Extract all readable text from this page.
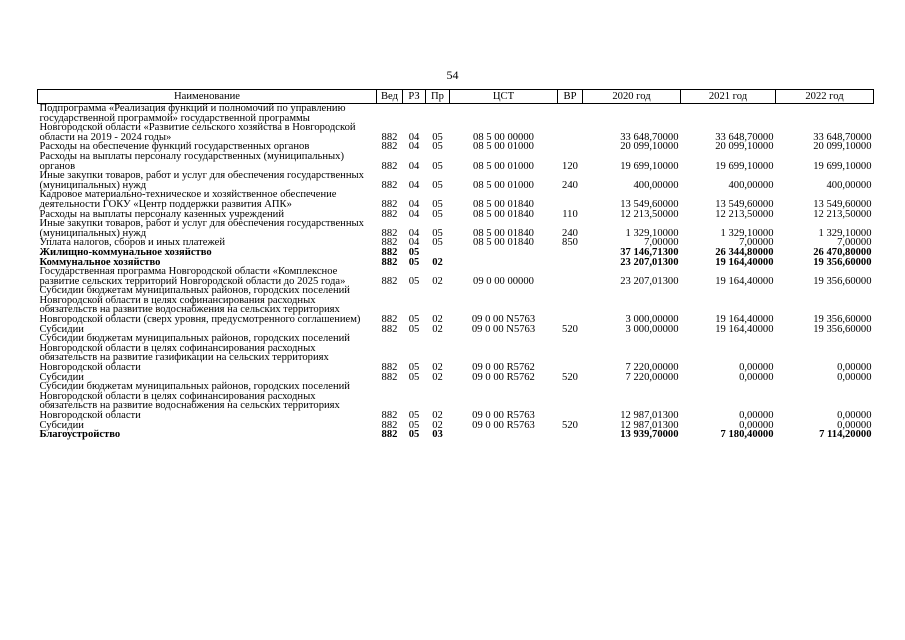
54
Наименование	Вед	РЗ	Пр	ЦСТ	ВР	2020 год	2021 год	2022 год
Подпрограмма «Реализация функций и полномочий по управлению государственной программой» государственной программы Новгородской области «Развитие сельского хозяйства в Новгородской области на 2019 - 2024 годы»	882	04	05	08 5 00 00000		33 648,70000	33 648,70000	33 648,70000
Расходы на обеспечение функций государственных органов	882	04	05	08 5 00 01000		20 099,10000	20 099,10000	20 099,10000
Расходы на выплаты персоналу государственных (муниципальных) органов	882	04	05	08 5 00 01000	120	19 699,10000	19 699,10000	19 699,10000
Иные закупки товаров, работ и услуг для обеспечения государственных (муниципальных) нужд	882	04	05	08 5 00 01000	240	400,00000	400,00000	400,00000
Кадровое материально-техническое и хозяйственное обеспечение деятельности ГОКУ «Центр поддержки развития АПК»	882	04	05	08 5 00 01840		13 549,60000	13 549,60000	13 549,60000
Расходы на выплаты персоналу казенных учреждений	882	04	05	08 5 00 01840	110	12 213,50000	12 213,50000	12 213,50000
Иные закупки товаров, работ и услуг для обеспечения государственных (муниципальных) нужд	882	04	05	08 5 00 01840	240	1 329,10000	1 329,10000	1 329,10000
Уплата налогов, сборов и иных платежей	882	04	05	08 5 00 01840	850	7,00000	7,00000	7,00000
Жилищно-коммунальное хозяйство	882	05				37 146,71300	26 344,80000	26 470,80000
Коммунальное хозяйство	882	05	02			23 207,01300	19 164,40000	19 356,60000
Государственная программа Новгородской области «Комплексное развитие сельских территорий Новгородской области до 2025 года»	882	05	02	09 0 00 00000		23 207,01300	19 164,40000	19 356,60000
Субсидии бюджетам муниципальных районов, городских поселений Новгородской области в целях софинансирования расходных обязательств на развитие водоснабжения на сельских территориях Новгородской области (сверх уровня, предусмотренного соглашением)	882	05	02	09 0 00 N5763		3 000,00000	19 164,40000	19 356,60000
Субсидии	882	05	02	09 0 00 N5763	520	3 000,00000	19 164,40000	19 356,60000
Субсидии бюджетам муниципальных районов, городских поселений Новгородской области в целях софинансирования расходных обязательств на развитие газификации на сельских территориях Новгородской области	882	05	02	09 0 00 R5762		7 220,00000	0,00000	0,00000
Субсидии	882	05	02	09 0 00 R5762	520	7 220,00000	0,00000	0,00000
Субсидии бюджетам муниципальных районов, городских поселений Новгородской области в целях софинансирования расходных обязательств на развитие водоснабжения на сельских территориях Новгородской области	882	05	02	09 0 00 R5763		12 987,01300	0,00000	0,00000
Субсидии	882	05	02	09 0 00 R5763	520	12 987,01300	0,00000	0,00000
Благоустройство	882	05	03			13 939,70000	7 180,40000	7 114,20000
